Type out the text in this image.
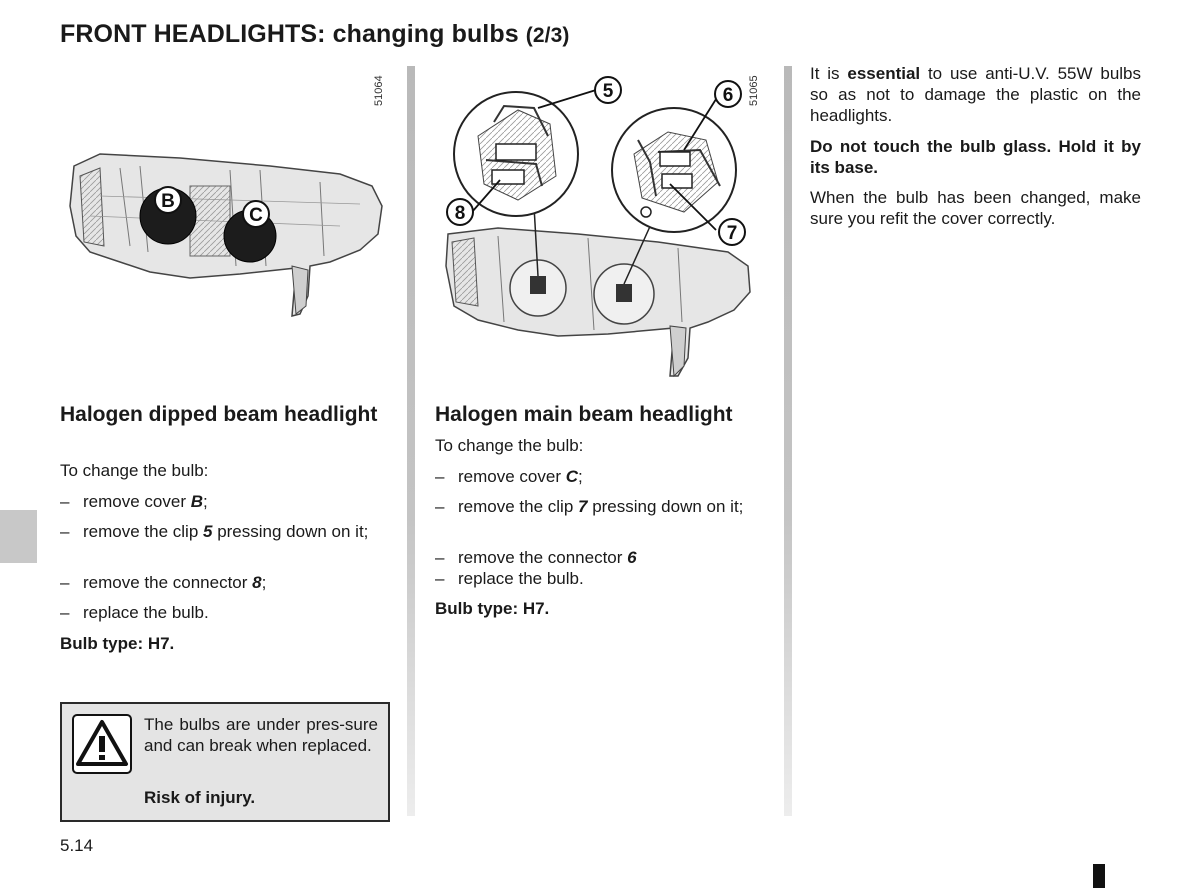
FRONT HEADLIGHTS: changing bulbs (2/3)
B
C
51064	5	6
7
8
51065
Halogen dipped beam headlight
To change the bulb:
– remove cover B;
– remove the clip 5 pressing down on it;
– remove the connector 8;
– replace the bulb.
Bulb type: H7.
Halogen main beam headlight
To change the bulb:
– remove cover C;
– remove the clip 7 pressing down on it;
– remove the connector 6
– replace the bulb.
Bulb type: H7.

It is essential to use anti-U.V. 55W bulbs so as not to damage the plastic on the headlights.

Do not touch the bulb glass. Hold it by its base.

When the bulb has been changed, make sure you refit the cover correctly.

The bulbs are under pres-sure and can break when replaced.
Risk of injury.
5.14
